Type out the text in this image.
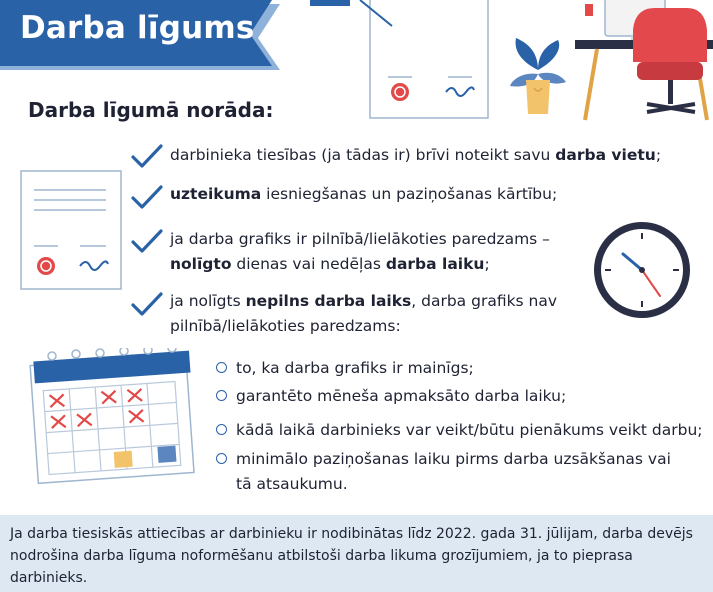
Darba līgums
Darba līgumā norāda:
darbinieka tiesības (ja tādas ir) brīvi noteikt savu darba vietu;
uzteikuma iesniegšanas un paziņošanas kārtību;
ja darba grafiks ir pilnībā/lielākoties paredzams – nolīgto dienas vai nedēļas darba laiku;
ja nolīgts nepilns darba laiks, darba grafiks nav pilnībā/lielākoties paredzams:
to, ka darba grafiks ir mainīgs;
garantēto mēneša apmaksāto darba laiku;
kādā laikā darbinieks var veikt/būtu pienākums veikt darbu;
minimālo paziņošanas laiku pirms darba uzsākšanas vai tā atsaukumu.
Ja darba tiesiskās attiecības ar darbinieku ir nodibinātas līdz 2022. gada 31. jūlijam, darba devējs nodrošina darba līguma noformēšanu atbilstoši darba likuma grozījumiem, ja to pieprasa darbinieks.
